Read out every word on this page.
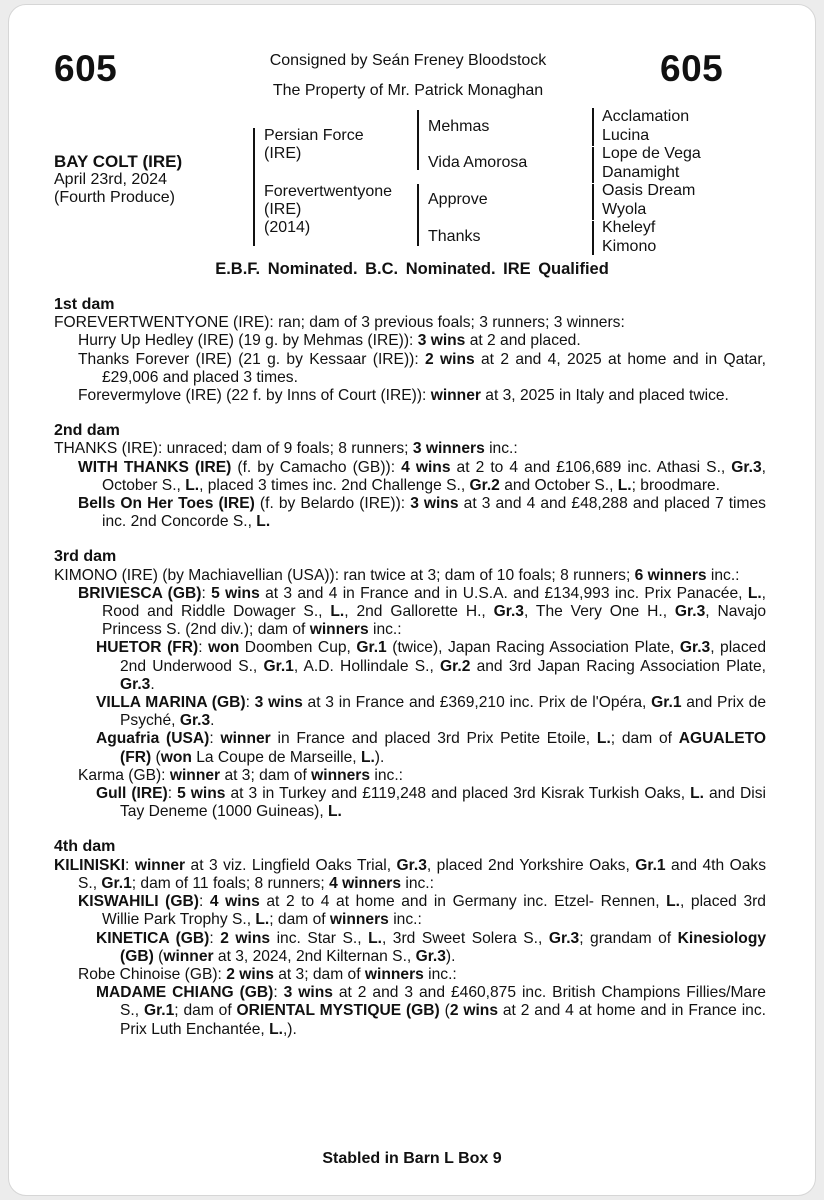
605	605
Consigned by Seán Freney Bloodstock
The Property of Mr. Patrick Monaghan
BAY COLT (IRE)
April 23rd, 2024
(Fourth Produce)
Persian Force
(IRE)
Forevertwentyone
(IRE)
(2014)
Mehmas
Vida Amorosa
Approve
Thanks
Acclamation
Lucina
Lope de Vega
Danamight
Oasis Dream
Wyola
Kheleyf
Kimono
E.B.F. Nominated. B.C. Nominated. IRE Qualified
1st dam

FOREVERTWENTYONE (IRE): ran; dam of 3 previous foals; 3 runners; 3 winners:

Hurry Up Hedley (IRE) (19 g. by Mehmas (IRE)): 3 wins at 2 and placed.

Thanks Forever (IRE) (21 g. by Kessaar (IRE)): 2 wins at 2 and 4, 2025 at home and in Qatar, £29,006 and placed 3 times.

Forevermylove (IRE) (22 f. by Inns of Court (IRE)): winner at 3, 2025 in Italy and placed twice.

2nd dam

THANKS (IRE): unraced; dam of 9 foals; 8 runners; 3 winners inc.:

WITH THANKS (IRE) (f. by Camacho (GB)): 4 wins at 2 to 4 and £106,689 inc. Athasi S., Gr.3, October S., L., placed 3 times inc. 2nd Challenge S., Gr.2 and October S., L.; broodmare.

Bells On Her Toes (IRE) (f. by Belardo (IRE)): 3 wins at 3 and 4 and £48,288 and placed 7 times inc. 2nd Concorde S., L.

3rd dam

KIMONO (IRE) (by Machiavellian (USA)): ran twice at 3; dam of 10 foals; 8 runners; 6 winners inc.:

BRIVIESCA (GB): 5 wins at 3 and 4 in France and in U.S.A. and £134,993 inc. Prix Panacée, L., Rood and Riddle Dowager S., L., 2nd Gallorette H., Gr.3, The Very One H., Gr.3, Navajo Princess S. (2nd div.); dam of winners inc.:

HUETOR (FR): won Doomben Cup, Gr.1 (twice), Japan Racing Association Plate, Gr.3, placed 2nd Underwood S., Gr.1, A.D. Hollindale S., Gr.2 and 3rd Japan Racing Association Plate, Gr.3.

VILLA MARINA (GB): 3 wins at 3 in France and £369,210 inc. Prix de l'Opéra, Gr.1 and Prix de Psyché, Gr.3.

Aguafria (USA): winner in France and placed 3rd Prix Petite Etoile, L.; dam of AGUALETO (FR) (won La Coupe de Marseille, L.).

Karma (GB): winner at 3; dam of winners inc.:

Gull (IRE): 5 wins at 3 in Turkey and £119,248 and placed 3rd Kisrak Turkish Oaks, L. and Disi Tay Deneme (1000 Guineas), L.

4th dam

KILINISKI: winner at 3 viz. Lingfield Oaks Trial, Gr.3, placed 2nd Yorkshire Oaks, Gr.1 and 4th Oaks S., Gr.1; dam of 11 foals; 8 runners; 4 winners inc.:

KISWAHILI (GB): 4 wins at 2 to 4 at home and in Germany inc. Etzel- Rennen, L., placed 3rd Willie Park Trophy S., L.; dam of winners inc.:

KINETICA (GB): 2 wins inc. Star S., L., 3rd Sweet Solera S., Gr.3; grandam of Kinesiology (GB) (winner at 3, 2024, 2nd Kilternan S., Gr.3).

Robe Chinoise (GB): 2 wins at 3; dam of winners inc.:

MADAME CHIANG (GB): 3 wins at 2 and 3 and £460,875 inc. British Champions Fillies/Mare S., Gr.1; dam of ORIENTAL MYSTIQUE (GB) (2 wins at 2 and 4 at home and in France inc. Prix Luth Enchantée, L.,).

Stabled in Barn L Box 9
